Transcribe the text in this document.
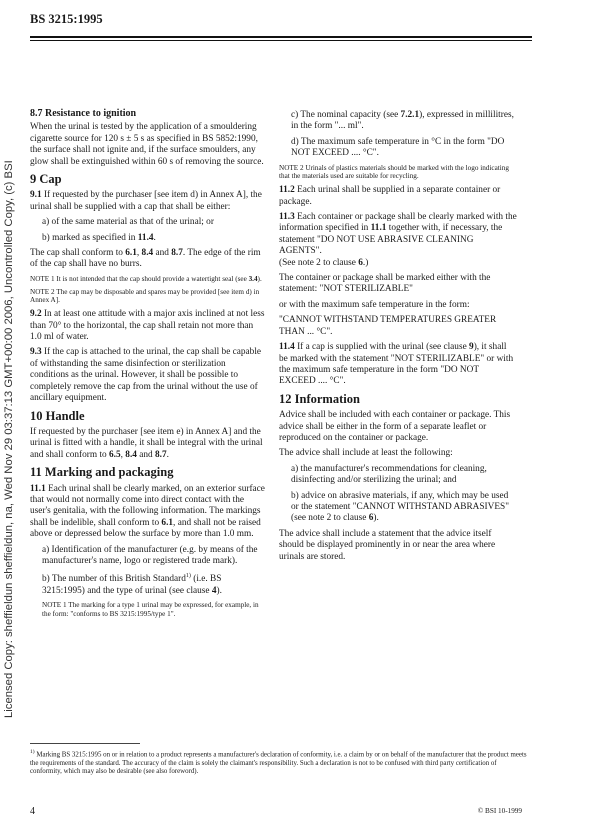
BS 3215:1995
Licensed Copy: sheffieldun sheffieldun, na, Wed Nov 29 03:37:13 GMT+00:00 2006, Uncontrolled Copy, (c) BSI
8.7 Resistance to ignition

When the urinal is tested by the application of a smouldering cigarette source for 120 s ± 5 s as specified in BS 5852:1990, the surface shall not ignite and, if the surface smoulders, any glow shall be extinguished within 60 s of removing the source.

9 Cap

9.1 If requested by the purchaser [see item d) in Annex A], the urinal shall be supplied with a cap that shall be either:

a) of the same material as that of the urinal; or

b) marked as specified in 11.4.

The cap shall conform to 6.1, 8.4 and 8.7. The edge of the rim of the cap shall have no burrs.

NOTE 1 It is not intended that the cap should provide a watertight seal (see 3.4).

NOTE 2 The cap may be disposable and spares may be provided [see item d) in Annex A].

9.2 In at least one attitude with a major axis inclined at not less than 70° to the horizontal, the cap shall retain not more than 1.0 ml of water.

9.3 If the cap is attached to the urinal, the cap shall be capable of withstanding the same disinfection or sterilization conditions as the urinal. However, it shall be possible to completely remove the cap from the urinal without the use of ancillary equipment.

10 Handle

If requested by the purchaser [see item e) in Annex A] and the urinal is fitted with a handle, it shall be integral with the urinal and shall conform to 6.5, 8.4 and 8.7.

11 Marking and packaging

11.1 Each urinal shall be clearly marked, on an exterior surface that would not normally come into direct contact with the user's genitalia, with the following information. The markings shall be indelible, shall conform to 6.1, and shall not be raised above or depressed below the surface by more than 1.0 mm.

a) Identification of the manufacturer (e.g. by means of the manufacturer's name, logo or registered trade mark).

b) The number of this British Standard$^{1)}$ (i.e. BS 3215:1995) and the type of urinal (see clause 4).

NOTE 1 The marking for a type 1 urinal may be expressed, for example, in the form: "conforms to BS 3215:1995/type 1".

c) The nominal capacity (see 7.2.1), expressed in millilitres, in the form "... ml".

d) The maximum safe temperature in °C in the form "DO NOT EXCEED .... °C".

NOTE 2 Urinals of plastics materials should be marked with the logo indicating that the materials used are suitable for recycling.

11.2 Each urinal shall be supplied in a separate container or package.

11.3 Each container or package shall be clearly marked with the information specified in 11.1 together with, if necessary, the statement "DO NOT USE ABRASIVE CLEANING AGENTS".

(See note 2 to clause 6.)

The container or package shall be marked either with the statement: "NOT STERILIZABLE"

or with the maximum safe temperature in the form:

"CANNOT WITHSTAND TEMPERATURES GREATER THAN ... °C".

11.4 If a cap is supplied with the urinal (see clause 9), it shall be marked with the statement "NOT STERILIZABLE" or with the maximum safe temperature in the form "DO NOT EXCEED .... °C".

12 Information

Advice shall be included with each container or package. This advice shall be either in the form of a separate leaflet or reproduced on the container or package.

The advice shall include at least the following:

a) the manufacturer's recommendations for cleaning, disinfecting and/or sterilizing the urinal; and

b) advice on abrasive materials, if any, which may be used or the statement "CANNOT WITHSTAND ABRASIVES" (see note 2 to clause 6).

The advice shall include a statement that the advice itself should be displayed prominently in or near the area where urinals are stored.

$^{1)}$ Marking BS 3215:1995 on or in relation to a product represents a manufacturer's declaration of conformity, i.e. a claim by or on behalf of the manufacturer that the product meets the requirements of the standard. The accuracy of the claim is solely the claimant's responsibility. Such a declaration is not to be confused with third party certification of conformity, which may also be desirable (see also foreword).
4	© BSI 10-1999
